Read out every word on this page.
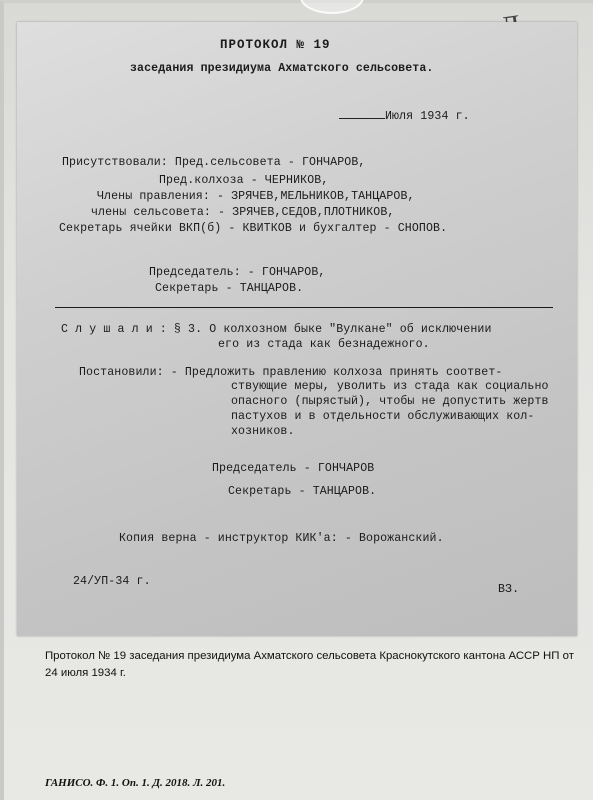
ПРОТОКОЛ № 19
заседания президиума Ахматского сельсовета.
Июля 1934 г.
Присутствовали: Пред.сельсовета - ГОНЧАРОВ,
Пред.колхоза - ЧЕРНИКОВ,
Члены правления: - ЗРЯЧЕВ,МЕЛЬНИКОВ,ТАНЦАРОВ,
члены сельсовета: - ЗРЯЧЕВ,СЕДОВ,ПЛОТНИКОВ,
Секретарь ячейки ВКП(б) - КВИТКОВ и бухгалтер - СНОПОВ.
Председатель: - ГОНЧАРОВ,
Секретарь - ТАНЦАРОВ.
С л у ш а л и : § 3. О колхозном быке "Вулкане" об исключении
его из стада как безнадежного.
Постановили: - Предложить правлению колхоза принять соответ-
ствующие меры, уволить из стада как социально
опасного (пырястый), чтобы не допустить жертв
пастухов и в отдельности обслуживающих кол-
хозников.
Председатель - ГОНЧАРОВ
Секретарь - ТАНЦАРОВ.
Копия верна - инструктор КИК'а: - Ворожанский.
24/УП-34 г.
ВЗ.
Протокол № 19 заседания президиума Ахматского сельсовета Краснокутского кантона АССР НП от 24 июля 1934 г.
ГАНИСО. Ф. 1. Оп. 1. Д. 2018. Л. 201.
